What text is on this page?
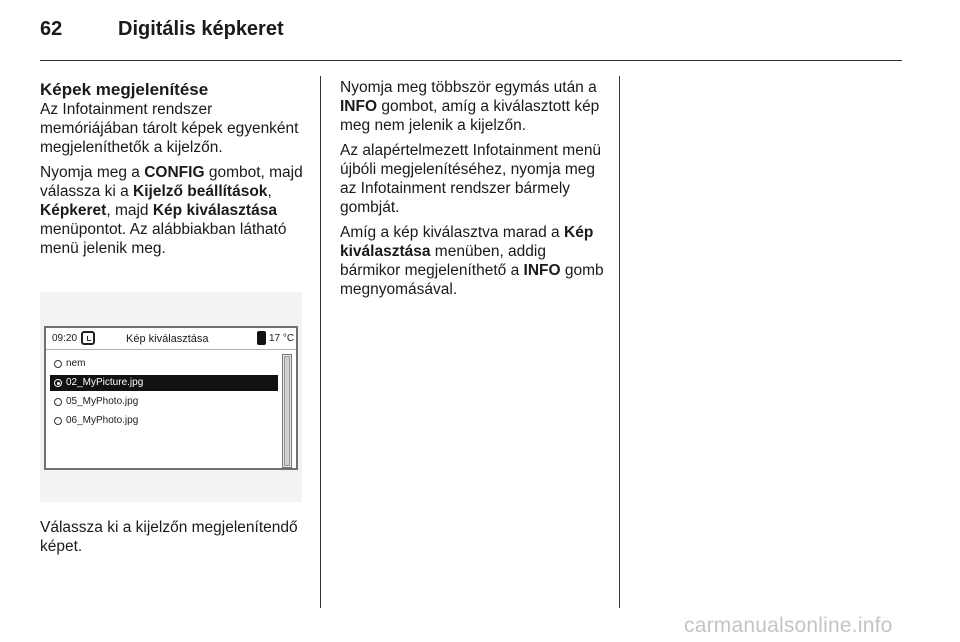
62	Digitális képkeret
Képek megjelenítése
Az Infotainment rendszer memóriájában tárolt képek egyenként megjeleníthetők a kijelzőn.
Nyomja meg a CONFIG gombot, majd válassza ki a Kijelző beállítások, Képkeret, majd Kép kiválasztása menüpontot. Az alábbiakban látható menü jelenik meg.
09:20	Kép kiválasztása	17 °C
nem
02_MyPicture.jpg
05_MyPhoto.jpg
06_MyPhoto.jpg
Válassza ki a kijelzőn megjelenítendő képet.
Nyomja meg többször egymás után a INFO gombot, amíg a kiválasztott kép meg nem jelenik a kijelzőn.
Az alapértelmezett Infotainment menü újbóli megjelenítéséhez, nyomja meg az Infotainment rendszer bármely gombját.
Amíg a kép kiválasztva marad a Kép kiválasztása menüben, addig bármikor megjeleníthető a INFO gomb megnyomásával.
carmanualsonline.info
